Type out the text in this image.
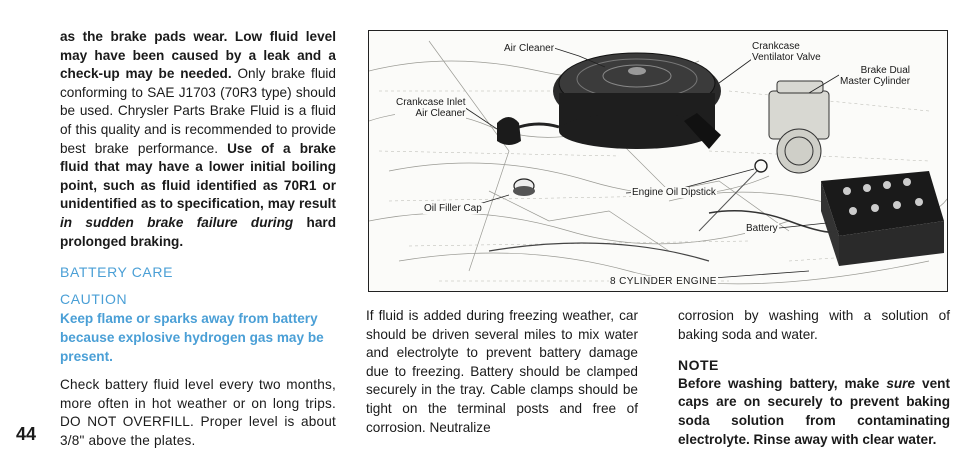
as the brake pads wear. Low fluid level may have been caused by a leak and a check-up may be needed. Only brake fluid conforming to SAE J1703 (70R3 type) should be used. Chrysler Parts Brake Fluid is a fluid of this quality and is recommended to provide best brake performance. Use of a brake fluid that may have a lower initial boiling point, such as fluid identified as 70R1 or unidentified as to specification, may result in sudden brake failure during hard prolonged braking.
BATTERY CARE
CAUTION
Keep flame or sparks away from battery because explosive hydrogen gas may be present.
Check battery fluid level every two months, more often in hot weather or on long trips. DO NOT OVERFILL. Proper level is about 3/8" above the plates.
44
Air Cleaner	Crankcase
Ventilator Valve
Brake Dual
Master Cylinder
Crankcase Inlet
Air Cleaner
Engine Oil Dipstick
Oil Filler Cap
Battery
8 CYLINDER ENGINE
If fluid is added during freezing weather, car should be driven several miles to mix water and electrolyte to prevent battery damage due to freezing. Battery should be clamped securely in the tray. Cable clamps should be tight on the terminal posts and free of corrosion. Neutralize
corrosion by washing with a solution of baking soda and water.
NOTE
Before washing battery, make sure vent caps are on securely to prevent baking soda solution from contaminating electrolyte. Rinse away with clear water.
